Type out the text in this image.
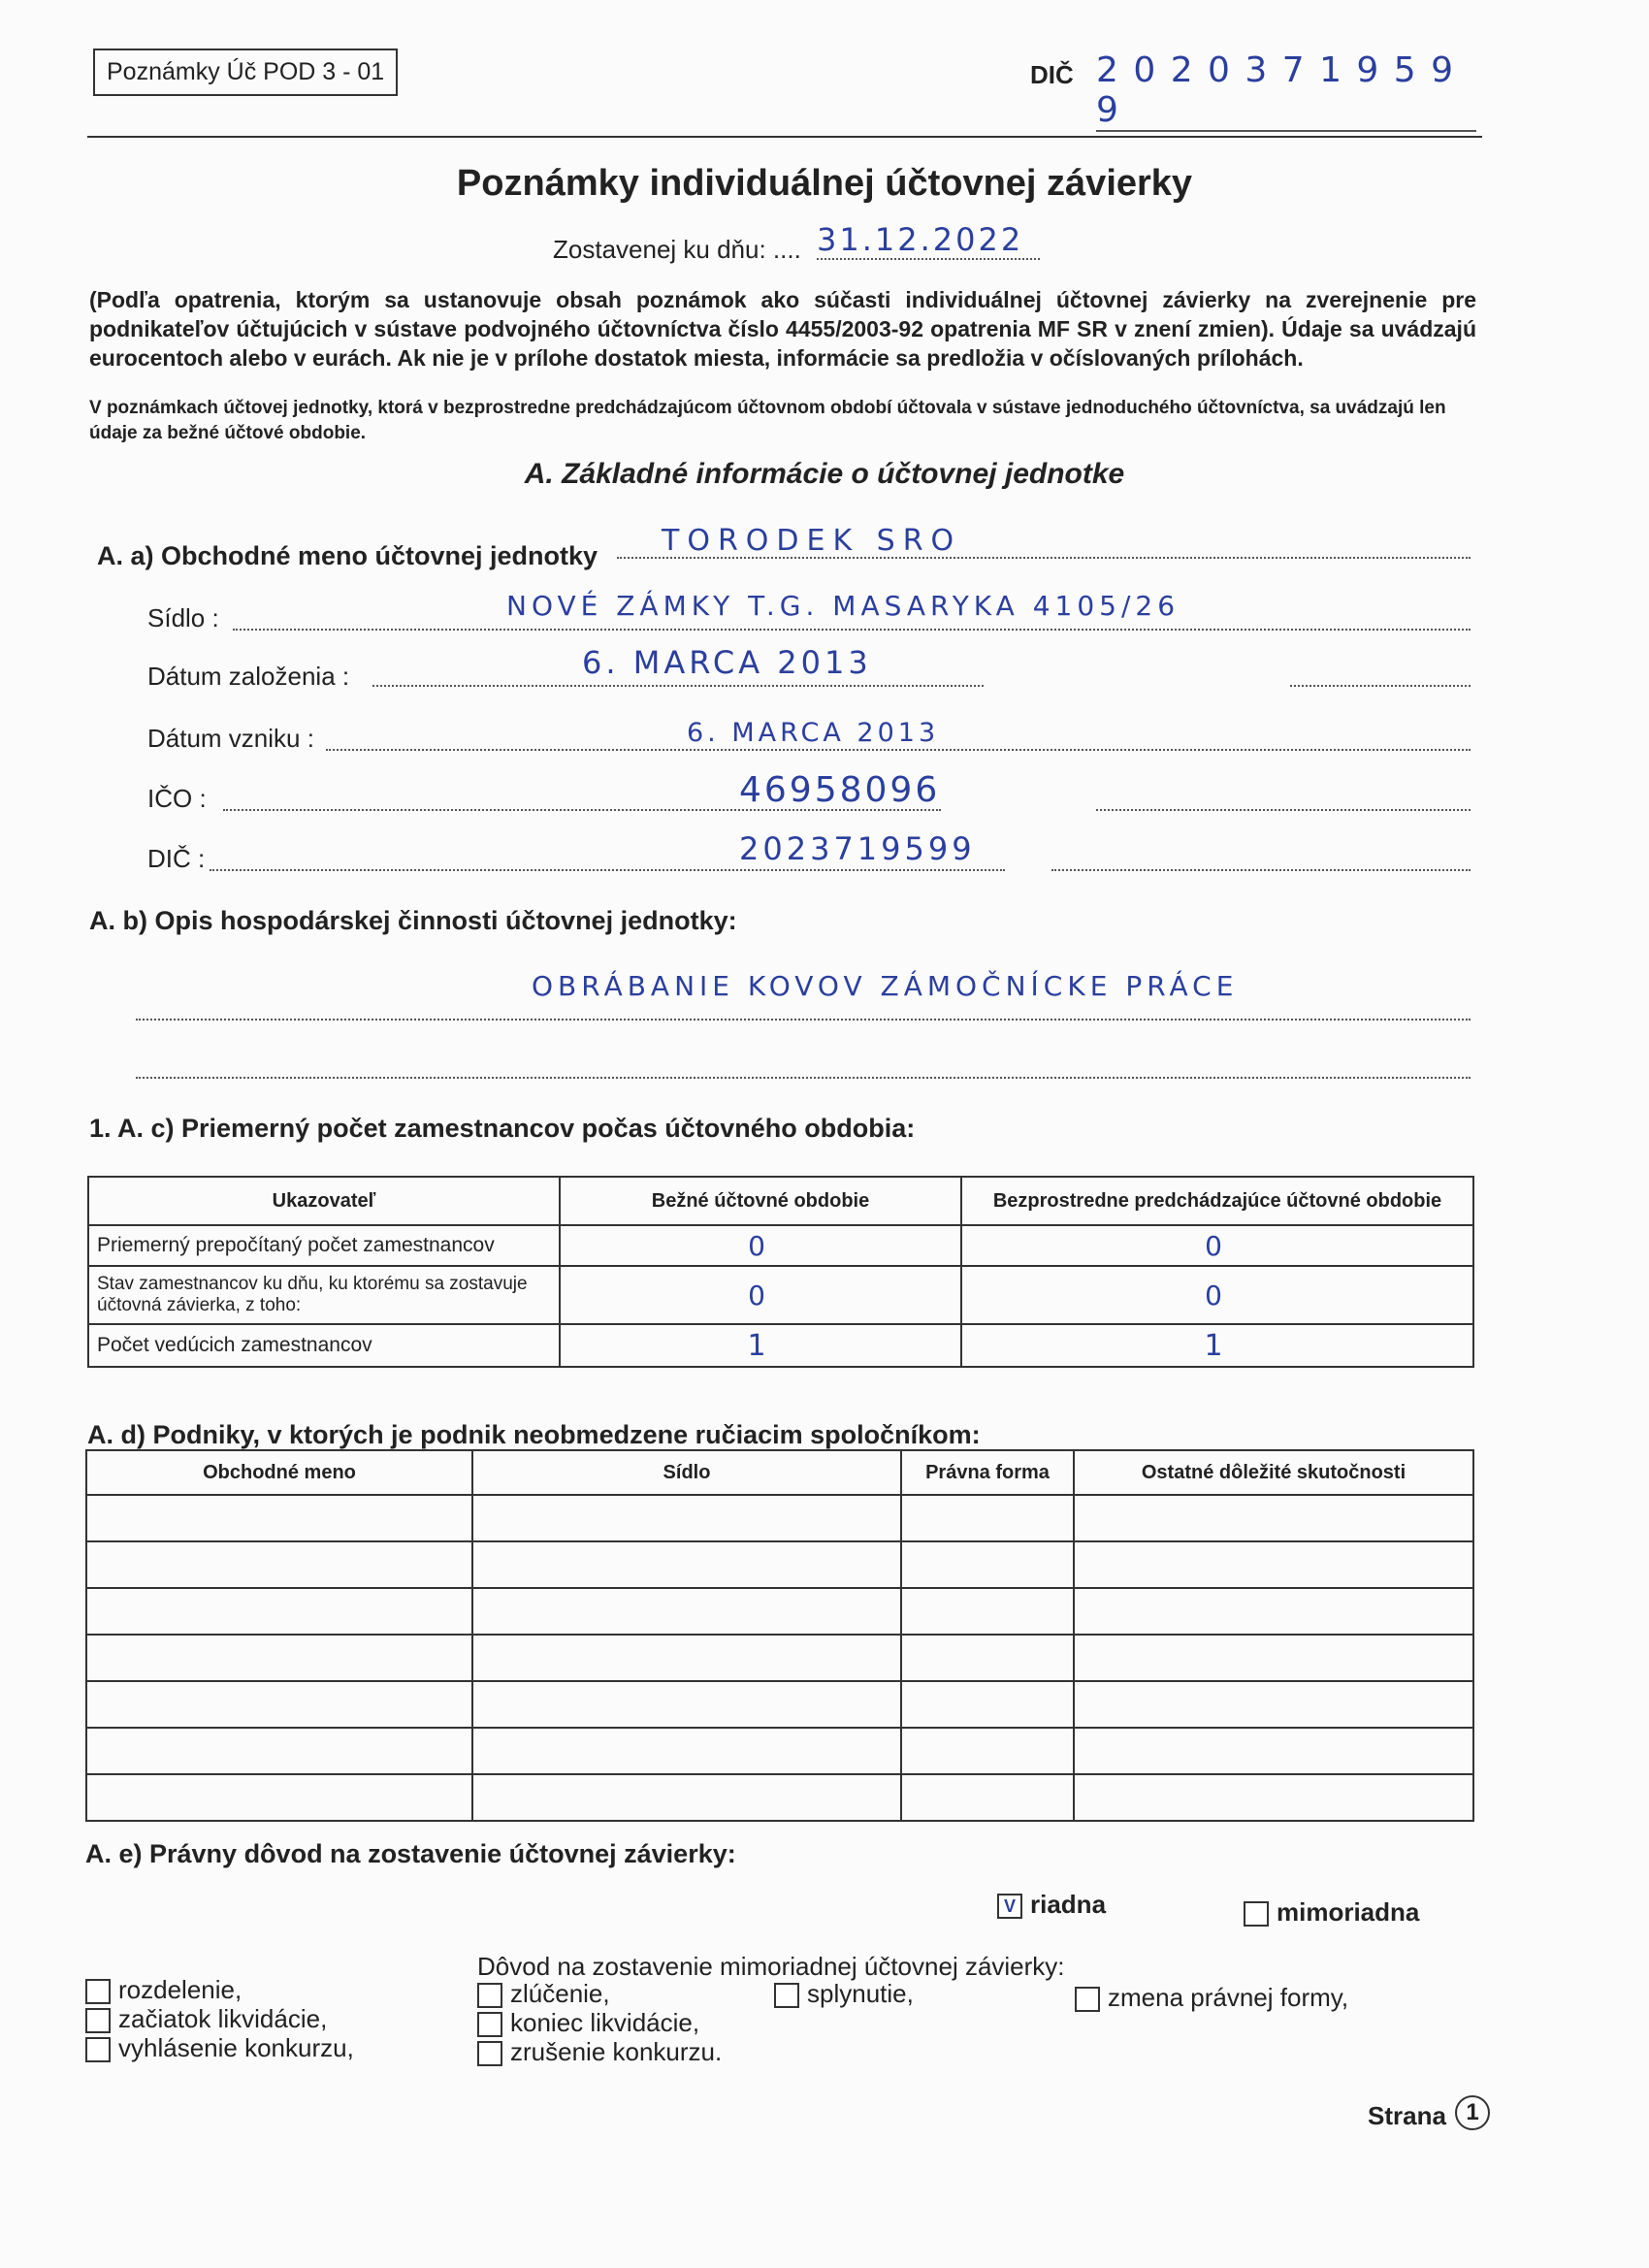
Poznámky Úč POD 3 - 01	DIČ 2 0 2 0 3 7 1 9 5 9 9
Poznámky individuálnej účtovnej závierky
Zostavenej ku dňu: .... 31.12.2022
(Podľa opatrenia, ktorým sa ustanovuje obsah poznámok ako súčasti individuálnej účtovnej závierky na zverejnenie pre podnikateľov účtujúcich v sústave podvojného účtovníctva číslo 4455/2003-92 opatrenia MF SR v znení zmien). Údaje sa uvádzajú eurocentoch alebo v eurách. Ak nie je v prílohe dostatok miesta, informácie sa predložia v očíslovaných prílohách.
V poznámkach účtovej jednotky, ktorá v bezprostredne predchádzajúcom účtovnom období účtovala v sústave jednoduchého účtovníctva, sa uvádzajú len údaje za bežné účtové obdobie.
A. Základné informácie o účtovnej jednotke
A. a) Obchodné meno účtovnej jednotky TORODEK SRO
Sídlo :	NOVÉ ZÁMKY T.G. MASARYKA 4105/26
Dátum založenia :	6. MARCA 2013
Dátum vzniku :	6. MARCA 2013
IČO :	46958096
DIČ :	2023719599
A. b) Opis hospodárskej činnosti účtovnej jednotky:
OBRÁBANIE KOVOV ZÁMOČNÍCKE PRÁCE
1. A. c) Priemerný počet zamestnancov počas účtovného obdobia:
Ukazovateľ	Bežné účtovné obdobie	Bezprostredne predchádzajúce účtovné obdobie
Priemerný prepočítaný počet zamestnancov	0	0
Stav zamestnancov ku dňu, ku ktorému sa zostavuje účtovná závierka, z toho:	0	0
Počet vedúcich zamestnancov	1	1
A. d) Podniky, v ktorých je podnik neobmedzene ručiacim spoločníkom:
Obchodné meno	Sídlo	Právna forma	Ostatné dôležité skutočnosti

A. e) Právny dôvod na zostavenie účtovnej závierky:
V riadna	mimoriadna
Dôvod na zostavenie mimoriadnej účtovnej závierky:
rozdelenie,
začiatok likvidácie,
vyhlásenie konkurzu,
zlúčenie,
koniec likvidácie,
zrušenie konkurzu.
splynutie,	zmena právnej formy,
Strana 1
